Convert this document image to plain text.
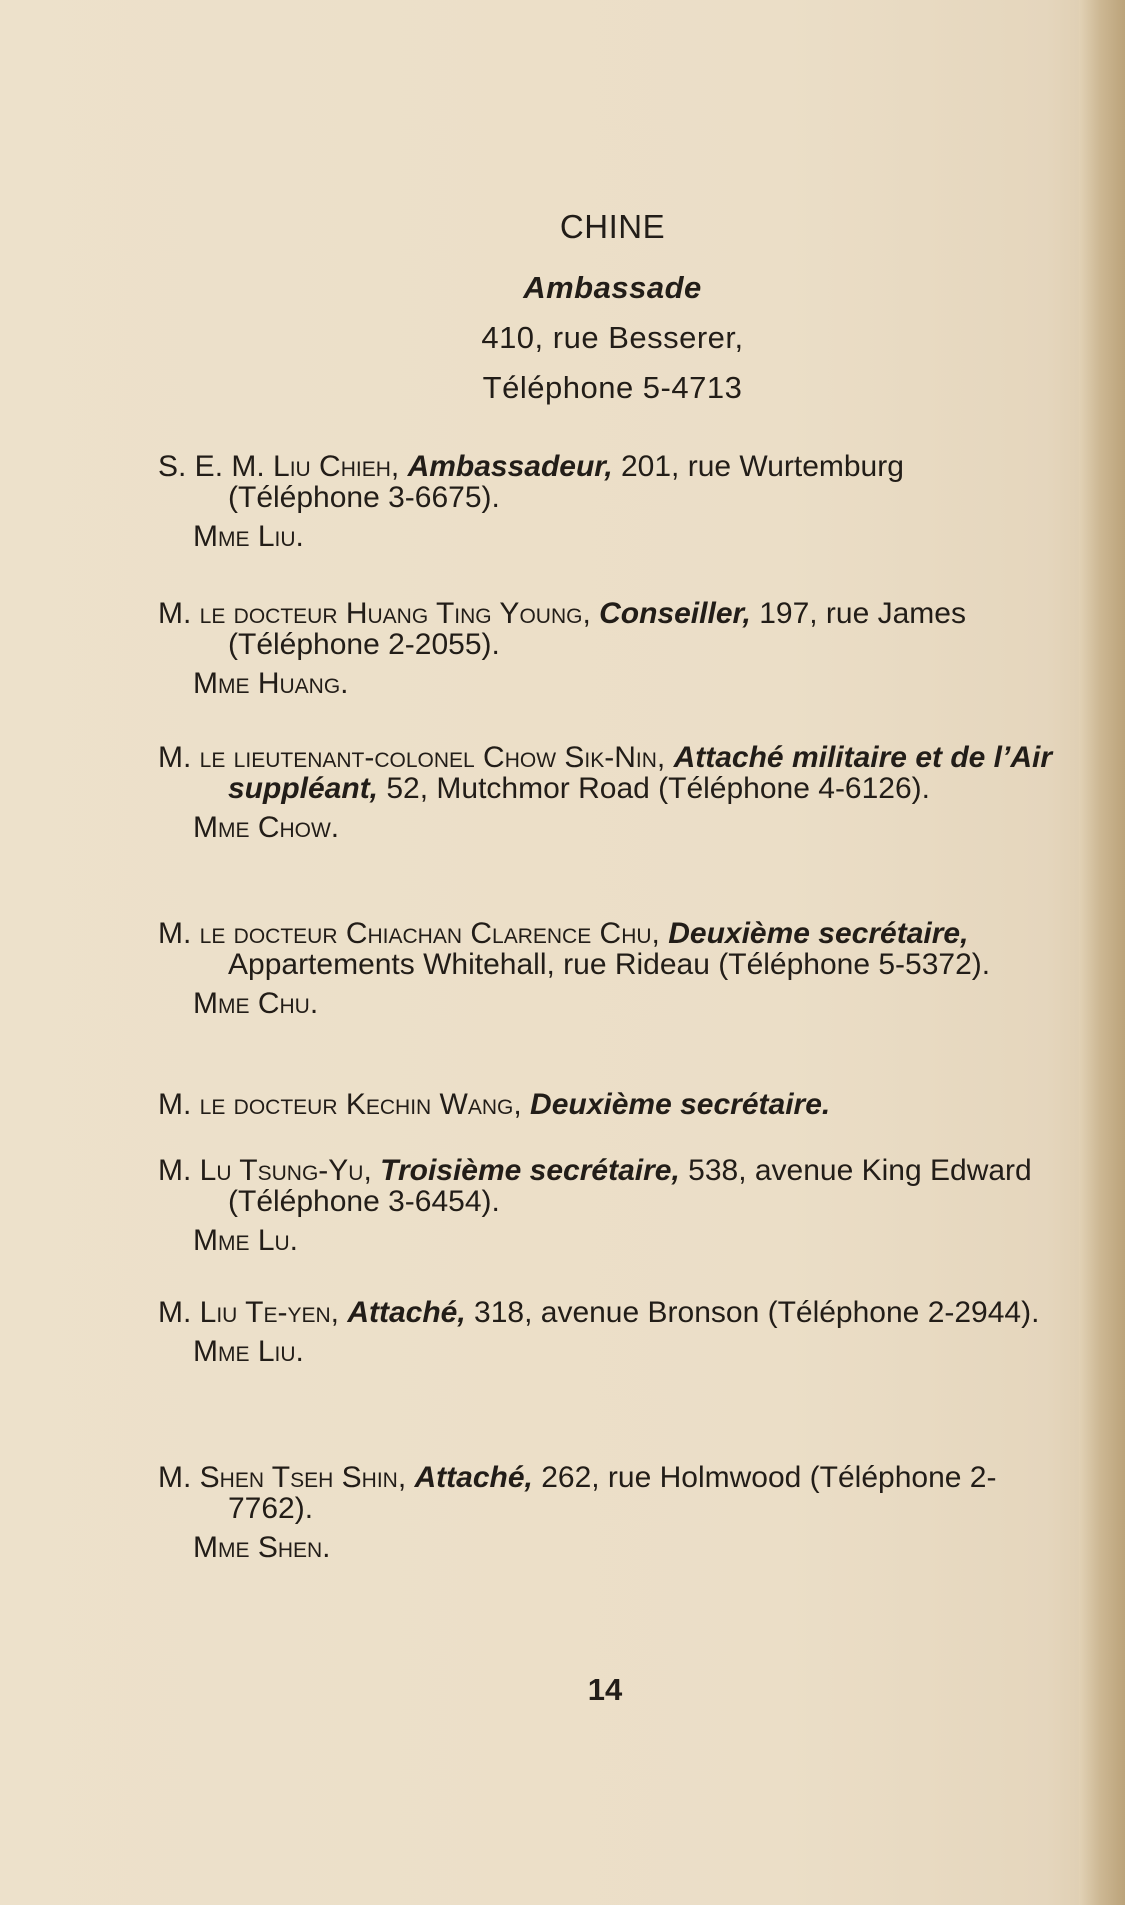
CHINE
Ambassade
410, rue Besserer,
Téléphone 5-4713
S. E. M. Liu Chieh, Ambassadeur, 201, rue Wurtemburg (Téléphone 3-6675).
Mme Liu.
M. le docteur Huang Ting Young, Conseiller, 197, rue James (Téléphone 2-2055).
Mme Huang.
M. le lieutenant-colonel Chow Sik-Nin, Attaché militaire et de l’Air suppléant, 52, Mutchmor Road (Téléphone 4-6126).
Mme Chow.
M. le docteur Chiachan Clarence Chu, Deuxième secrétaire, Appartements Whitehall, rue Rideau (Téléphone 5-5372).
Mme Chu.
M. le docteur Kechin Wang, Deuxième secrétaire.
M. Lu Tsung-Yu, Troisième secrétaire, 538, avenue King Edward (Téléphone 3-6454).
Mme Lu.
M. Liu Te-yen, Attaché, 318, avenue Bronson (Téléphone 2-2944).
Mme Liu.
M. Shen Tseh Shin, Attaché, 262, rue Holmwood (Téléphone 2-7762).
Mme Shen.
14
